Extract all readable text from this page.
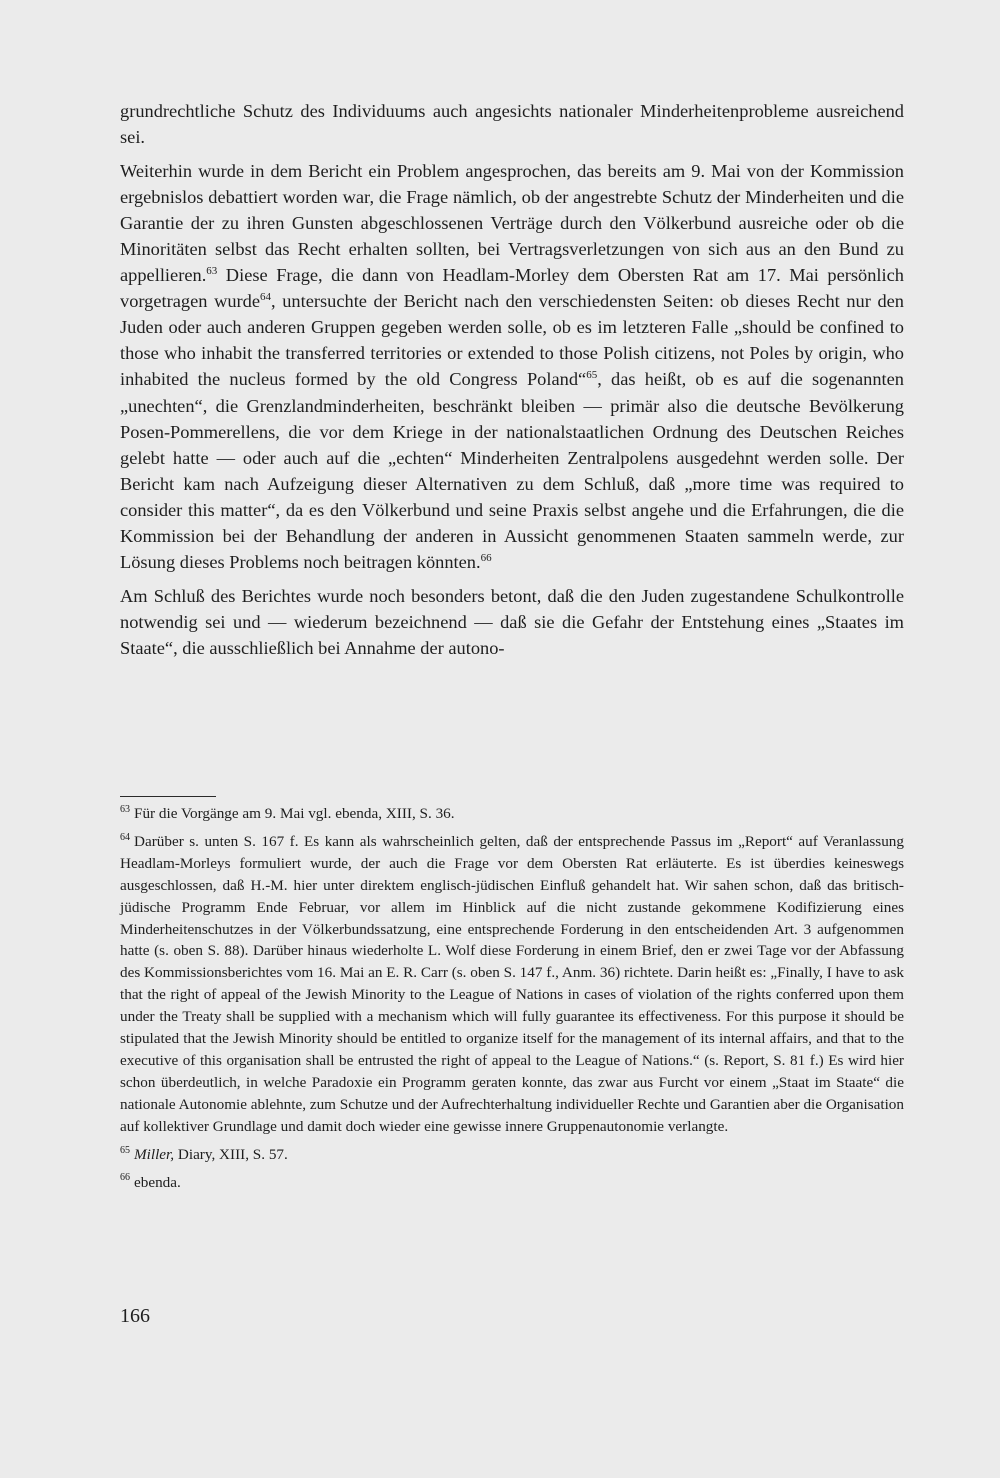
grundrechtliche Schutz des Individuums auch angesichts nationaler Minderheitenprobleme ausreichend sei.

Weiterhin wurde in dem Bericht ein Problem angesprochen, das bereits am 9. Mai von der Kommission ergebnislos debattiert worden war, die Frage nämlich, ob der angestrebte Schutz der Minderheiten und die Garantie der zu ihren Gunsten abgeschlossenen Verträge durch den Völkerbund ausreiche oder ob die Minoritäten selbst das Recht erhalten sollten, bei Vertragsverletzungen von sich aus an den Bund zu appellieren.$^{63}$ Diese Frage, die dann von Headlam-Morley dem Obersten Rat am 17. Mai persönlich vorgetragen wurde$^{64}$, untersuchte der Bericht nach den verschiedensten Seiten: ob dieses Recht nur den Juden oder auch anderen Gruppen gegeben werden solle, ob es im letzteren Falle „should be confined to those who inhabit the transferred territories or extended to those Polish citizens, not Poles by origin, who inhabited the nucleus formed by the old Congress Poland“$^{65}$, das heißt, ob es auf die sogenannten „unechten“, die Grenzlandminderheiten, beschränkt bleiben — primär also die deutsche Bevölkerung Posen-Pommerellens, die vor dem Kriege in der nationalstaatlichen Ordnung des Deutschen Reiches gelebt hatte — oder auch auf die „echten“ Minderheiten Zentralpolens ausgedehnt werden solle. Der Bericht kam nach Aufzeigung dieser Alternativen zu dem Schluß, daß „more time was required to consider this matter“, da es den Völkerbund und seine Praxis selbst angehe und die Erfahrungen, die die Kommission bei der Behandlung der anderen in Aussicht genommenen Staaten sammeln werde, zur Lösung dieses Problems noch beitragen könnten.$^{66}$

Am Schluß des Berichtes wurde noch besonders betont, daß die den Juden zugestandene Schulkontrolle notwendig sei und — wiederum bezeichnend — daß sie die Gefahr der Entstehung eines „Staates im Staate“, die ausschließlich bei Annahme der autono-

$^{63}$ Für die Vorgänge am 9. Mai vgl. ebenda, XIII, S. 36.

$^{64}$ Darüber s. unten S. 167 f. Es kann als wahrscheinlich gelten, daß der entsprechende Passus im „Report“ auf Veranlassung Headlam-Morleys formuliert wurde, der auch die Frage vor dem Obersten Rat erläuterte. Es ist überdies keineswegs ausgeschlossen, daß H.-M. hier unter direktem englisch-jüdischen Einfluß gehandelt hat. Wir sahen schon, daß das britisch-jüdische Programm Ende Februar, vor allem im Hinblick auf die nicht zustande gekommene Kodifizierung eines Minderheitenschutzes in der Völkerbundssatzung, eine entsprechende Forderung in den entscheidenden Art. 3 aufgenommen hatte (s. oben S. 88). Darüber hinaus wiederholte L. Wolf diese Forderung in einem Brief, den er zwei Tage vor der Abfassung des Kommissionsberichtes vom 16. Mai an E. R. Carr (s. oben S. 147 f., Anm. 36) richtete. Darin heißt es: „Finally, I have to ask that the right of appeal of the Jewish Minority to the League of Nations in cases of violation of the rights conferred upon them under the Treaty shall be supplied with a mechanism which will fully guarantee its effectiveness. For this purpose it should be stipulated that the Jewish Minority should be entitled to organize itself for the management of its internal affairs, and that to the executive of this organisation shall be entrusted the right of appeal to the League of Nations.“ (s. Report, S. 81 f.) Es wird hier schon überdeutlich, in welche Paradoxie ein Programm geraten konnte, das zwar aus Furcht vor einem „Staat im Staate“ die nationale Autonomie ablehnte, zum Schutze und der Aufrechterhaltung individueller Rechte und Garantien aber die Organisation auf kollektiver Grundlage und damit doch wieder eine gewisse innere Gruppenautonomie verlangte.

$^{65}$ Miller, Diary, XIII, S. 57.

$^{66}$ ebenda.

166
